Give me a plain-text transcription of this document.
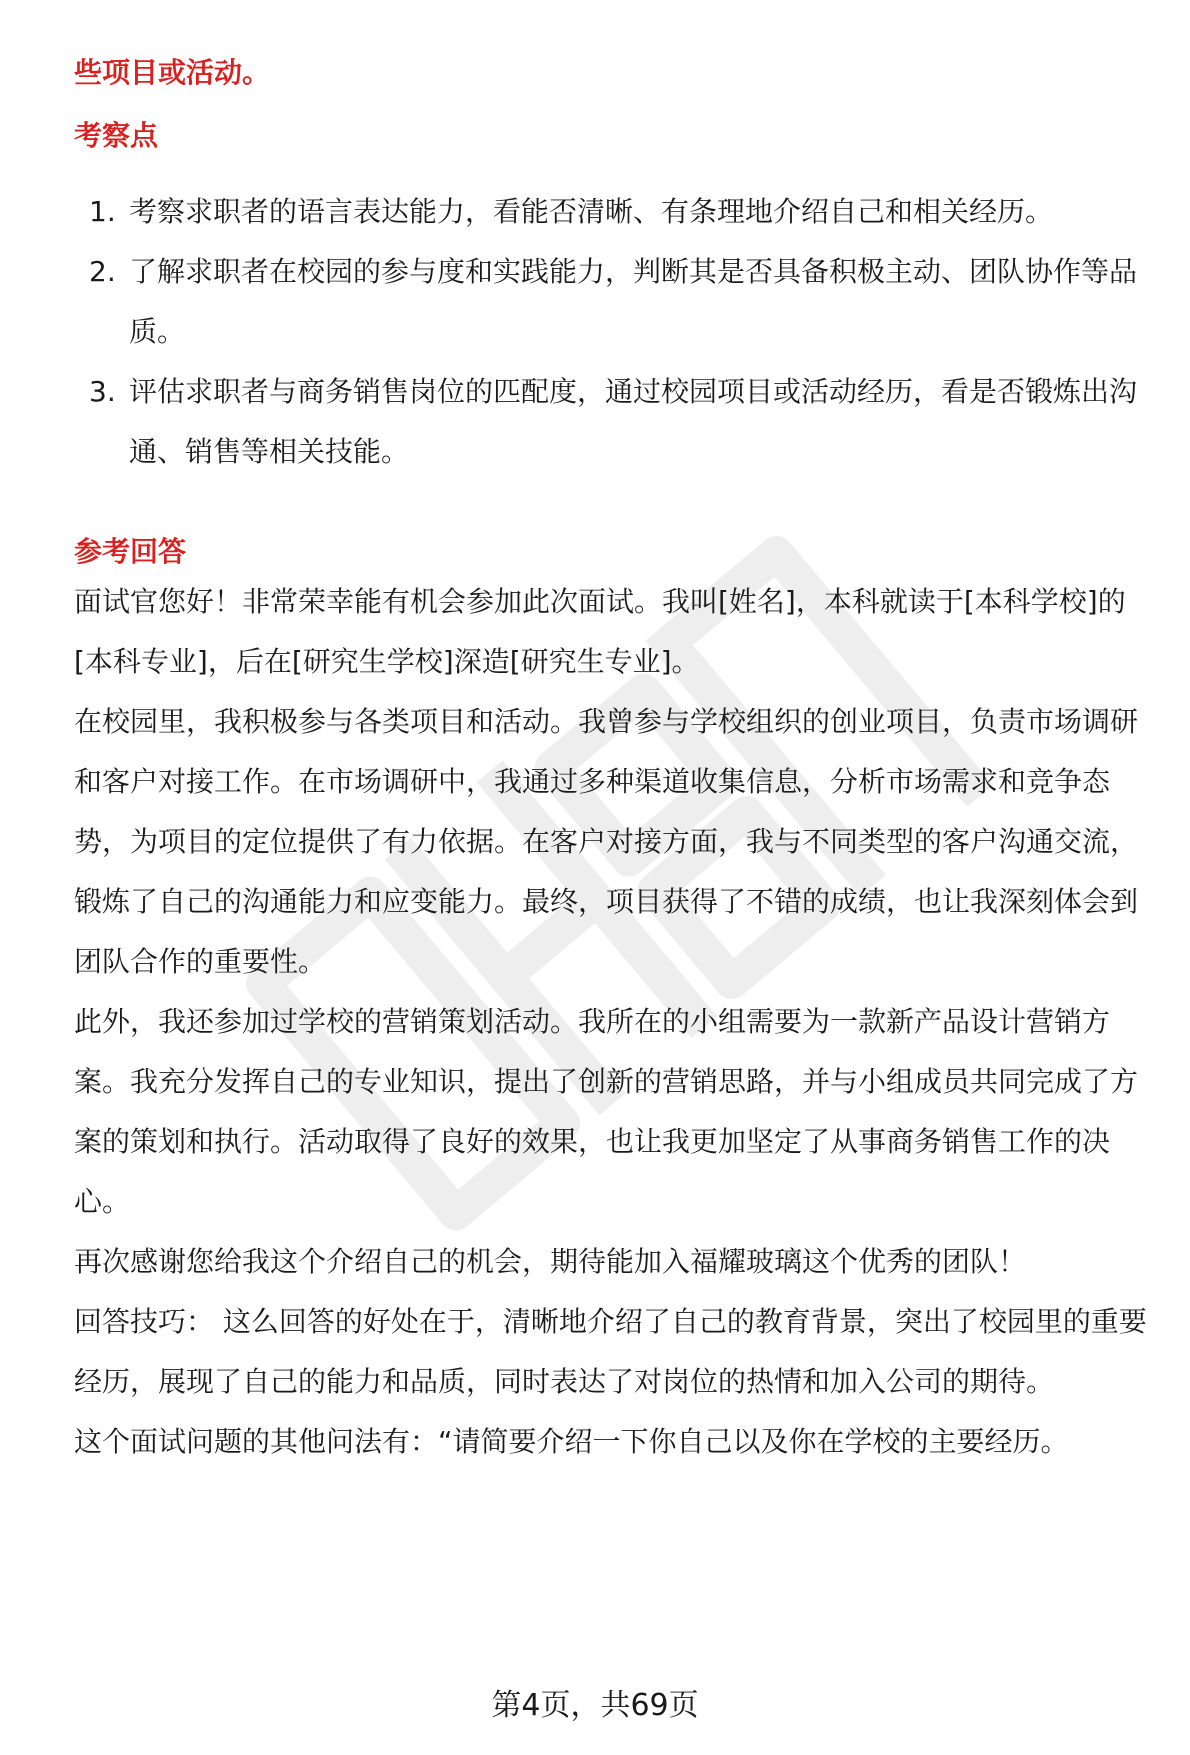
些项目或活动。

考察点
1. 考察求职者的语言表达能力，看能否清晰、有条理地介绍自己和相关经历。
2. 了解求职者在校园的参与度和实践能力，判断其是否具备积极主动、团队协作等品质。
3. 评估求职者与商务销售岗位的匹配度，通过校园项目或活动经历，看是否锻炼出沟通、销售等相关技能。
参考回答

面试官您好！非常荣幸能有机会参加此次面试。我叫[姓名]，本科就读于[本科学校]的[本科专业]，后在[研究生学校]深造[研究生专业]。

在校园里，我积极参与各类项目和活动。我曾参与学校组织的创业项目，负责市场调研和客户对接工作。在市场调研中，我通过多种渠道收集信息，分析市场需求和竞争态势，为项目的定位提供了有力依据。在客户对接方面，我与不同类型的客户沟通交流，锻炼了自己的沟通能力和应变能力。最终，项目获得了不错的成绩，也让我深刻体会到团队合作的重要性。

此外，我还参加过学校的营销策划活动。我所在的小组需要为一款新产品设计营销方案。我充分发挥自己的专业知识，提出了创新的营销思路，并与小组成员共同完成了方案的策划和执行。活动取得了良好的效果，也让我更加坚定了从事商务销售工作的决心。

再次感谢您给我这个介绍自己的机会，期待能加入福耀玻璃这个优秀的团队！

回答技巧： 这么回答的好处在于，清晰地介绍了自己的教育背景，突出了校园里的重要经历，展现了自己的能力和品质，同时表达了对岗位的热情和加入公司的期待。

这个面试问题的其他问法有：“请简要介绍一下你自己以及你在学校的主要经历。

第4页，共69页
